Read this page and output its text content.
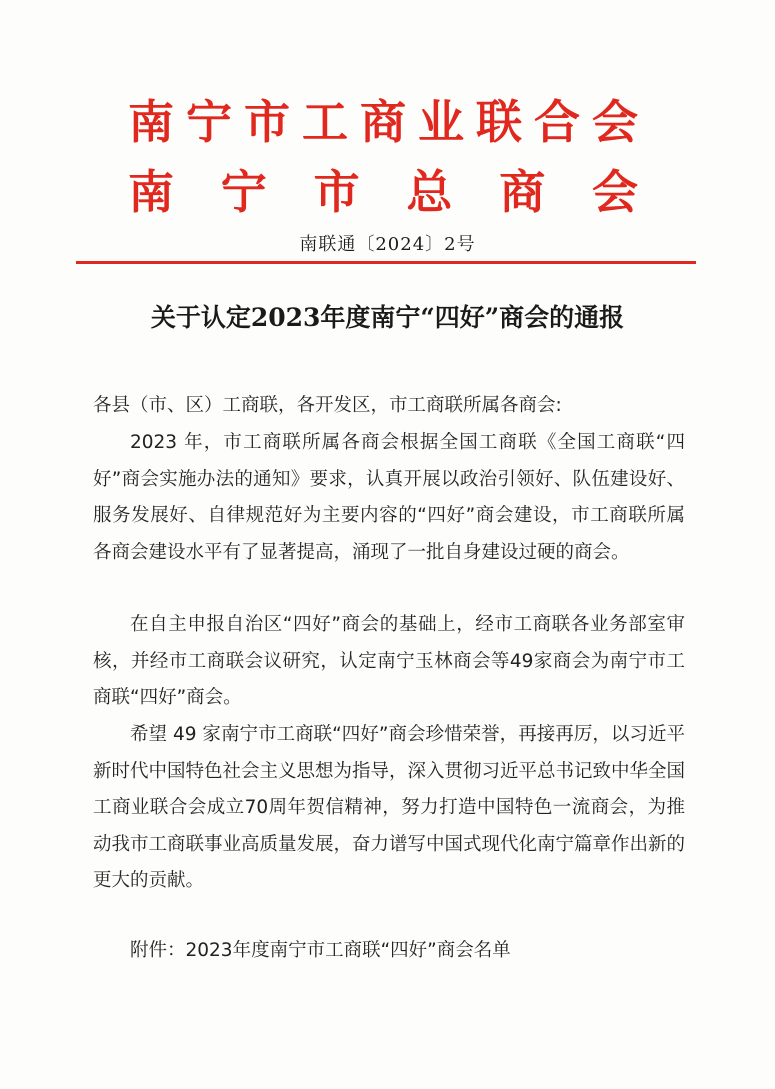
南宁市工商业联合会
南宁市总商会
南联通〔2024〕2号
关于认定2023年度南宁“四好”商会的通报
各县（市、区）工商联，各开发区，市工商联所属各商会:

2023 年，市工商联所属各商会根据全国工商联《全国工商联“四好”商会实施办法的通知》要求，认真开展以政治引领好、队伍建设好、服务发展好、自律规范好为主要内容的“四好”商会建设，市工商联所属各商会建设水平有了显著提高，涌现了一批自身建设过硬的商会。

在自主申报自治区“四好”商会的基础上，经市工商联各业务部室审核，并经市工商联会议研究，认定南宁玉林商会等49家商会为南宁市工商联“四好”商会。

希望 49 家南宁市工商联“四好”商会珍惜荣誉，再接再厉，以习近平新时代中国特色社会主义思想为指导，深入贯彻习近平总书记致中华全国工商业联合会成立70周年贺信精神，努力打造中国特色一流商会，为推动我市工商联事业高质量发展，奋力谱写中国式现代化南宁篇章作出新的更大的贡献。

附件：2023年度南宁市工商联“四好”商会名单
